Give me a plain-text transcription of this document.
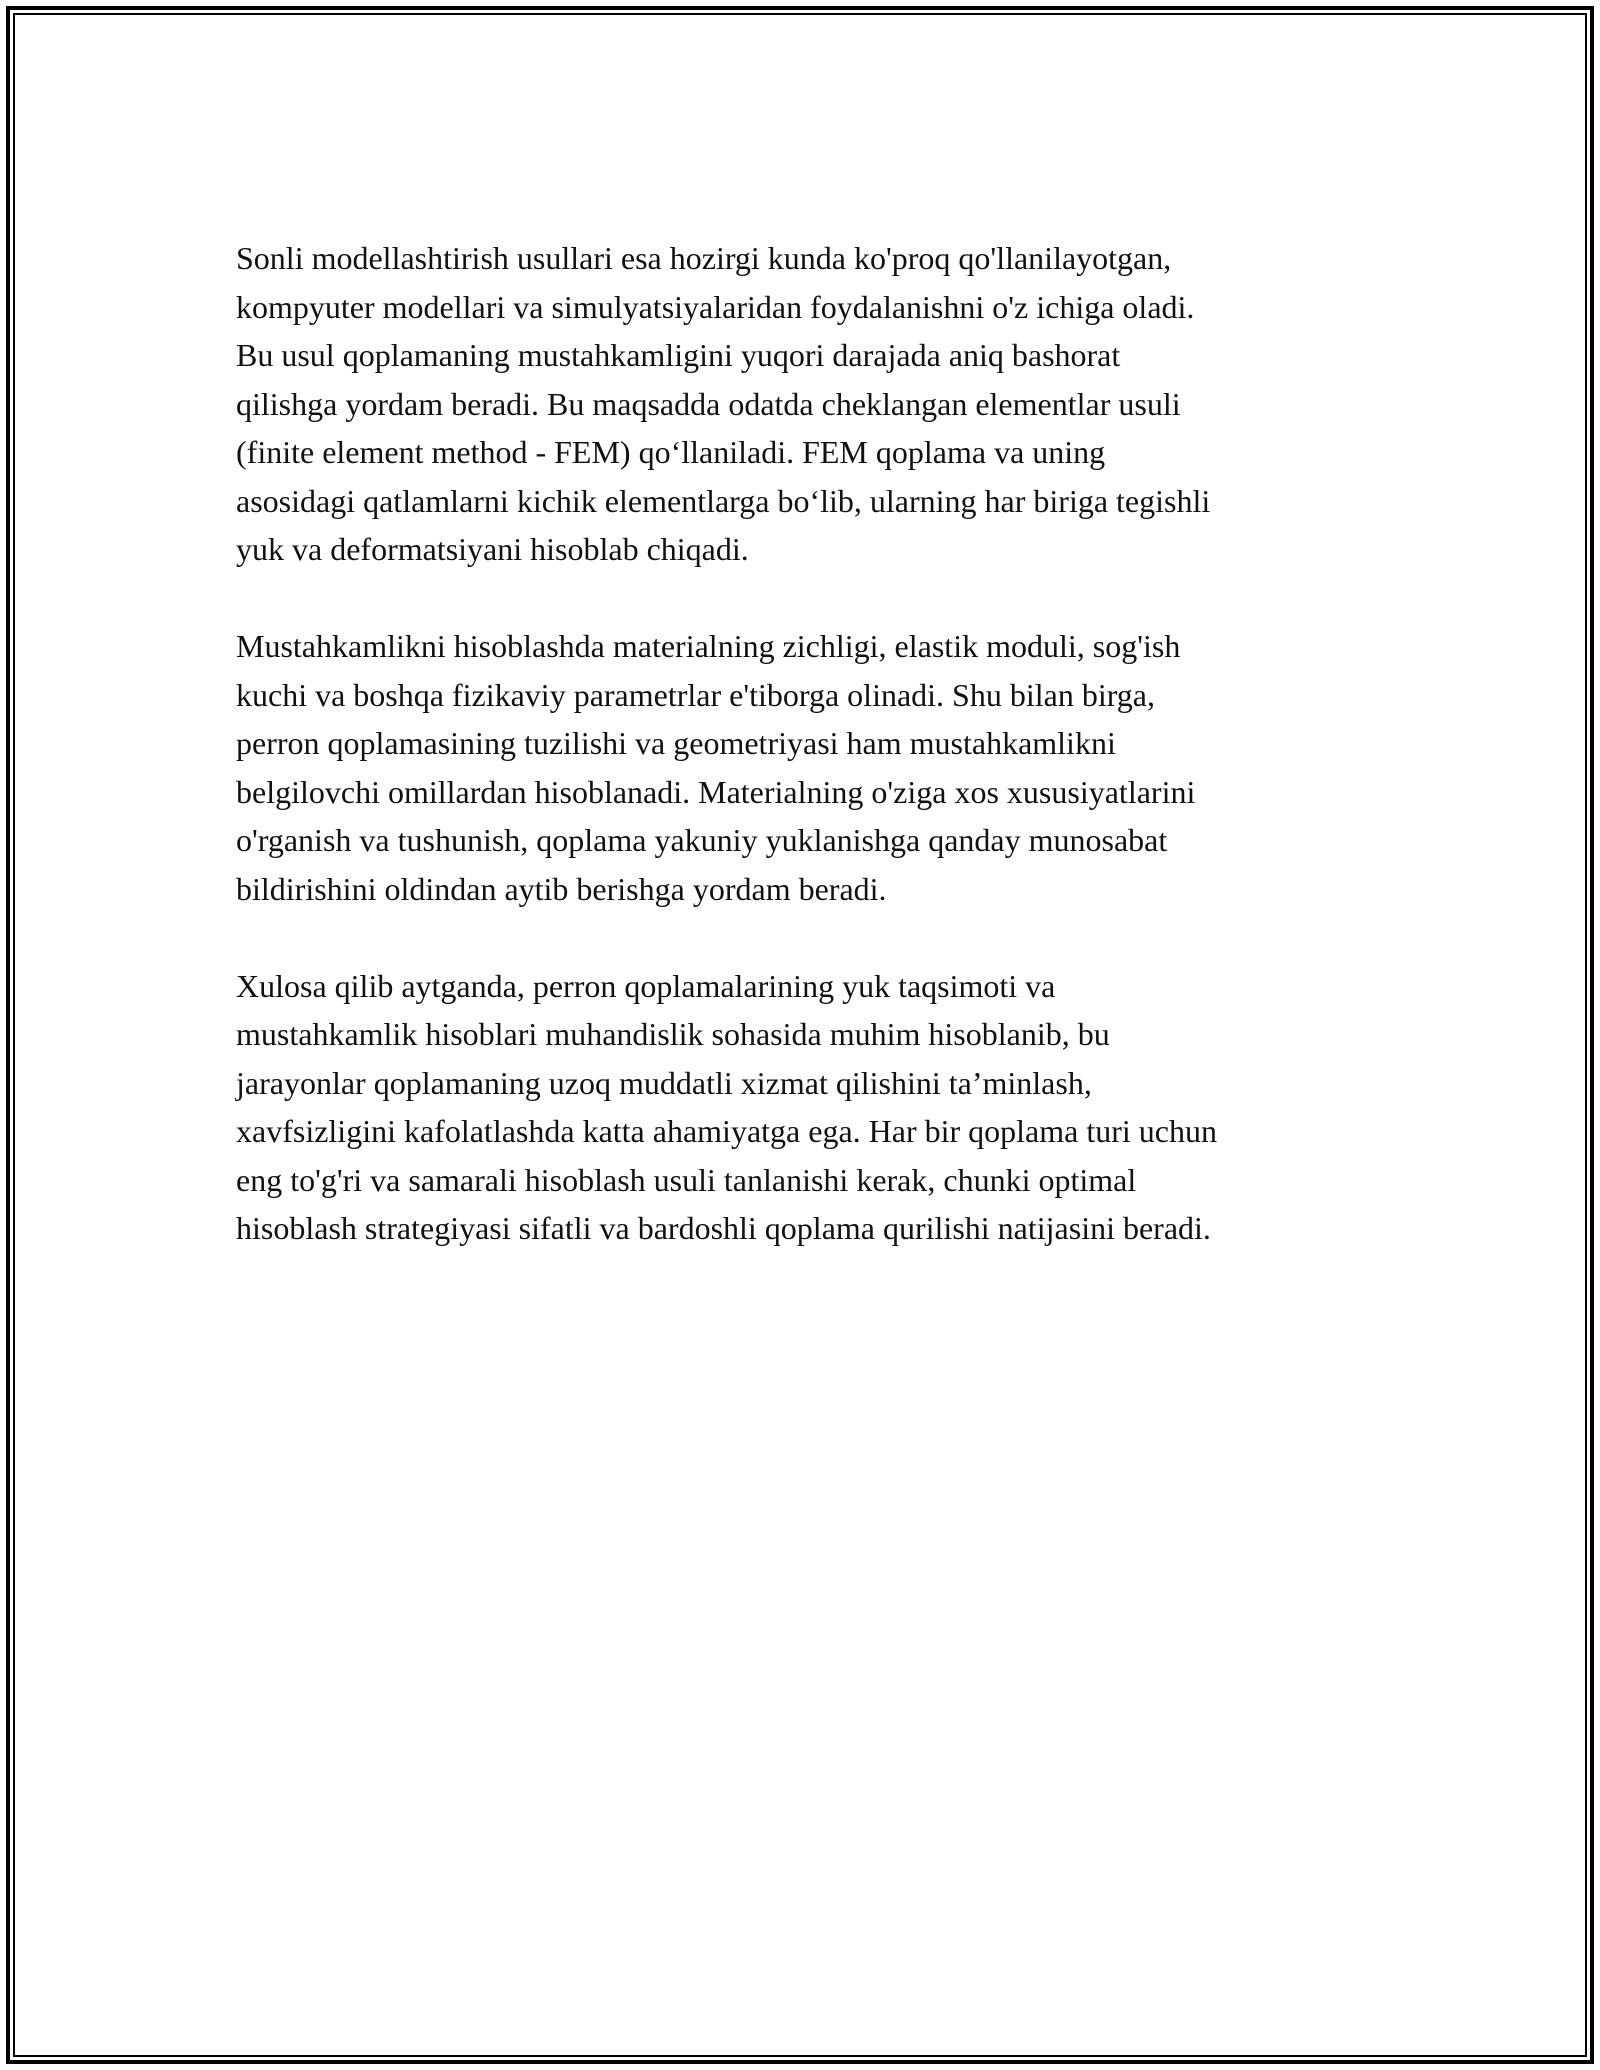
Sonli modellashtirish usullari esa hozirgi kunda ko'proq qo'llanilayotgan,
kompyuter modellari va simulyatsiyalaridan foydalanishni o'z ichiga oladi.
Bu usul qoplamaning mustahkamligini yuqori darajada aniq bashorat
qilishga yordam beradi. Bu maqsadda odatda cheklangan elementlar usuli
(finite element method - FEM) qo‘llaniladi. FEM qoplama va uning
asosidagi qatlamlarni kichik elementlarga bo‘lib, ularning har biriga tegishli
yuk va deformatsiyani hisoblab chiqadi.

Mustahkamlikni hisoblashda materialning zichligi, elastik moduli, sog'ish
kuchi va boshqa fizikaviy parametrlar e'tiborga olinadi. Shu bilan birga,
perron qoplamasining tuzilishi va geometriyasi ham mustahkamlikni
belgilovchi omillardan hisoblanadi. Materialning o'ziga xos xususiyatlarini
o'rganish va tushunish, qoplama yakuniy yuklanishga qanday munosabat
bildirishini oldindan aytib berishga yordam beradi.

Xulosa qilib aytganda, perron qoplamalarining yuk taqsimoti va
mustahkamlik hisoblari muhandislik sohasida muhim hisoblanib, bu
jarayonlar qoplamaning uzoq muddatli xizmat qilishini ta’minlash,
xavfsizligini kafolatlashda katta ahamiyatga ega. Har bir qoplama turi uchun
eng to'g'ri va samarali hisoblash usuli tanlanishi kerak, chunki optimal
hisoblash strategiyasi sifatli va bardoshli qoplama qurilishi natijasini beradi.
